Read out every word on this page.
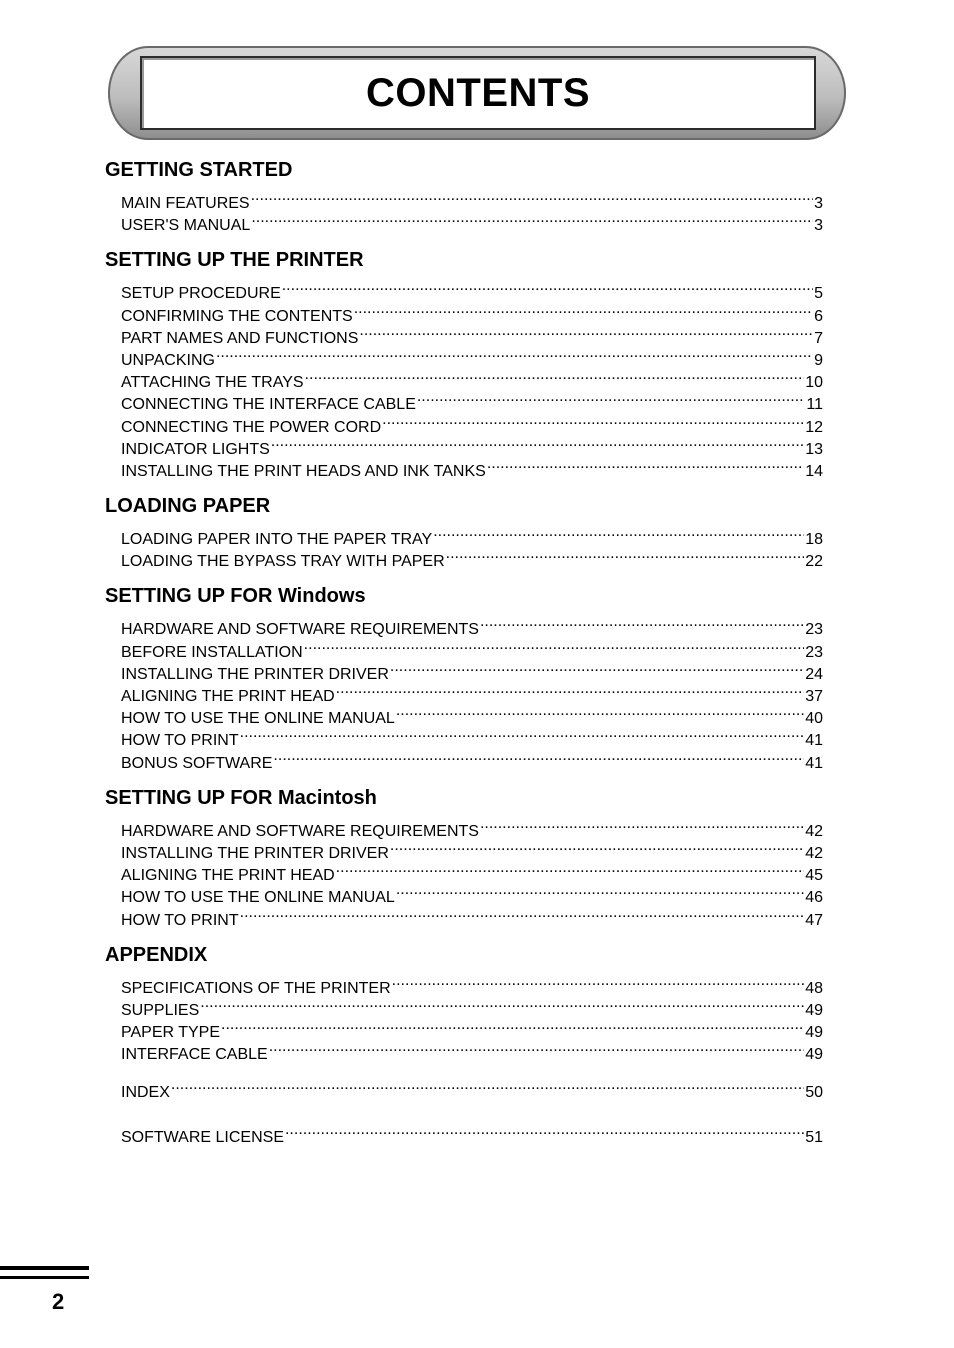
CONTENTS
GETTING STARTED
MAIN FEATURES .....	3
USER'S MANUAL .....	3
SETTING UP THE PRINTER
SETUP PROCEDURE .....	5
CONFIRMING THE CONTENTS .....	6
PART NAMES AND FUNCTIONS .....	7
UNPACKING .....	9
ATTACHING THE TRAYS .....	10
CONNECTING THE INTERFACE CABLE .....	11
CONNECTING THE POWER CORD .....	12
INDICATOR LIGHTS .....	13
INSTALLING THE PRINT HEADS AND INK TANKS .....	14
LOADING PAPER
LOADING PAPER INTO THE PAPER TRAY .....	18
LOADING THE BYPASS TRAY WITH PAPER .....	22
SETTING UP FOR Windows
HARDWARE AND SOFTWARE REQUIREMENTS .....	23
BEFORE INSTALLATION .....	23
INSTALLING THE PRINTER DRIVER .....	24
ALIGNING THE PRINT HEAD .....	37
HOW TO USE THE ONLINE MANUAL .....	40
HOW TO PRINT .....	41
BONUS SOFTWARE .....	41
SETTING UP FOR Macintosh
HARDWARE AND SOFTWARE REQUIREMENTS .....	42
INSTALLING THE PRINTER DRIVER .....	42
ALIGNING THE PRINT HEAD .....	45
HOW TO USE THE ONLINE MANUAL .....	46
HOW TO PRINT .....	47
APPENDIX
SPECIFICATIONS OF THE PRINTER .....	48
SUPPLIES .....	49
PAPER TYPE .....	49
INTERFACE CABLE .....	49
INDEX .....	50
SOFTWARE LICENSE .....	51
2
